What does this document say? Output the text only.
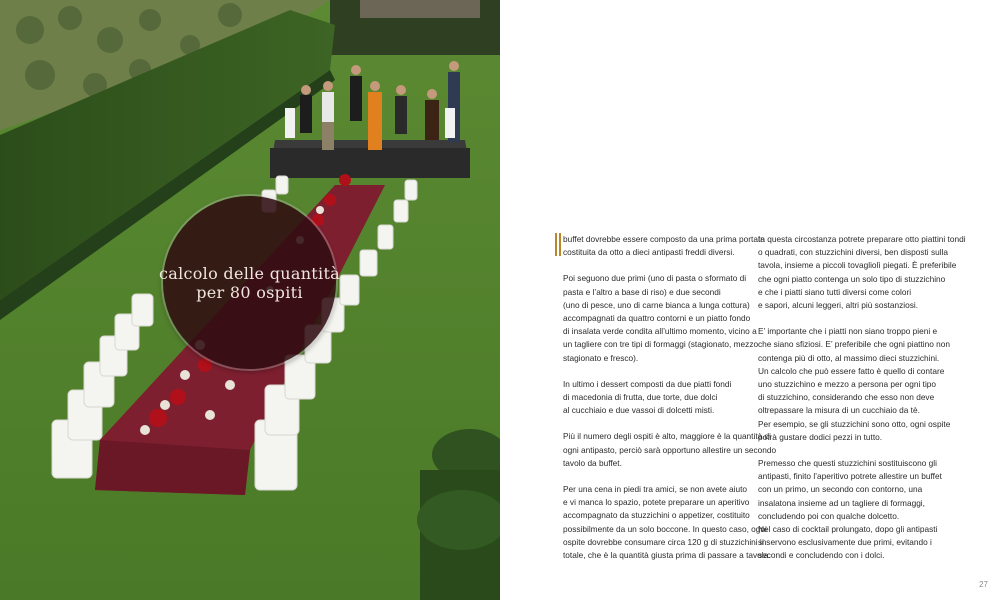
calcolo delle quantità
per 80 ospiti

buffet dovrebbe essere composto da una prima portata
costituita da otto a dieci antipasti freddi diversi.

Poi seguono due primi (uno di pasta o sformato di
pasta e l’altro a base di riso) e due secondi
(uno di pesce, uno di carne bianca a lunga cottura)
accompagnati da quattro contorni e un piatto fondo
di insalata verde condita all’ultimo momento, vicino a
un tagliere con tre tipi di formaggi (stagionato, mezzo
stagionato e fresco).

In ultimo i dessert composti da due piatti fondi
di macedonia di frutta, due torte, due dolci
al cucchiaio e due vassoi di dolcetti misti.

Più il numero degli ospiti è alto, maggiore è la quantità di
ogni antipasto, perciò sarà opportuno allestire un secondo
tavolo da buffet.

Per una cena in piedi tra amici, se non avete aiuto
e vi manca lo spazio, potete preparare un aperitivo
accompagnato da stuzzichini o appetizer, costituito
possibilmente da un solo boccone. In questo caso, ogni
ospite dovrebbe consumare circa 120 g di stuzzichini in
totale, che è la quantità giusta prima di passare a tavola.

In questa circostanza potrete preparare otto piattini tondi
o quadrati, con stuzzichini diversi, ben disposti sulla
tavola, insieme a piccoli tovagliolì piegati. È preferibile
che ogni piatto contenga un solo tipo di stuzzichino
e che i piatti siano tutti diversi come colori
e sapori, alcuni leggeri, altri più sostanziosi.

E’ importante che i piatti non siano troppo pieni e
che siano sfiziosi. E’ preferibile che ogni piattino non
contenga più di otto, al massimo dieci stuzzichini.
Un calcolo che può essere fatto è quello di contare
uno stuzzichino e mezzo a persona per ogni tipo
di stuzzichino, considerando che esso non deve
oltrepassare la misura di un cucchiaio da tè.
Per esempio, se gli stuzzichini sono otto, ogni ospite
potrà gustare dodici pezzi in tutto.

Premesso che questi stuzzichini sostituiscono gli
antipasti, finito l’aperitivo potrete allestire un buffet
con un primo, un secondo con contorno, una
insalatona insieme ad un tagliere di formaggi,
concludendo poi con qualche dolcetto.
Nel caso di cocktail prolungato, dopo gli antipasti
si servono esclusivamente due primi, evitando i
secondi e concludendo con i dolci.

27
